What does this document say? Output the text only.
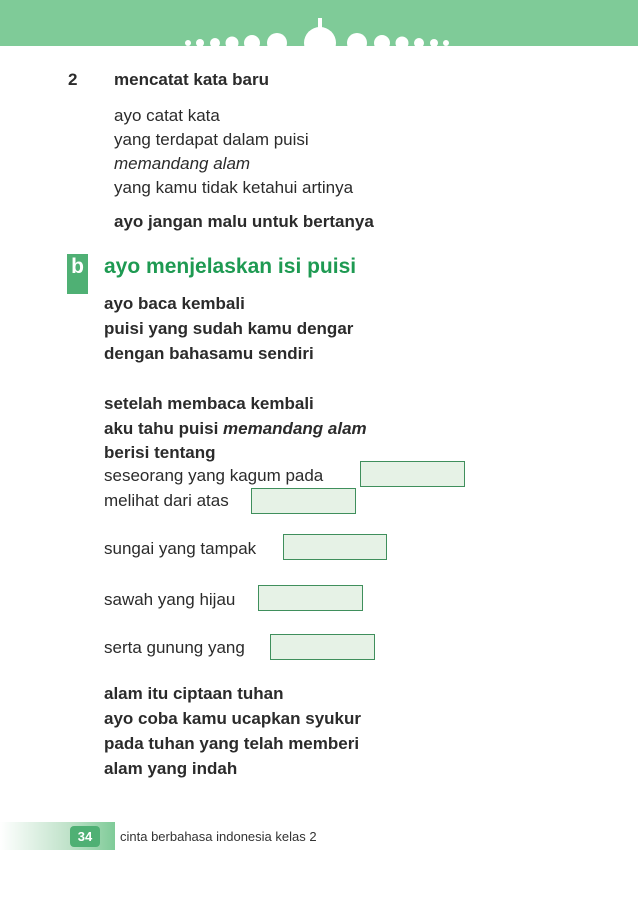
2 mencatat kata baru
ayo catat kata
yang terdapat dalam puisi
memandang alam
yang kamu tidak ketahui artinya
ayo jangan malu untuk bertanya
b ayo menjelaskan isi puisi
ayo baca kembali
puisi yang sudah kamu dengar
dengan bahasamu sendiri
setelah membaca kembali
aku tahu puisi memandang alam
berisi tentang
seseorang yang kagum pada
melihat dari atas
sungai yang tampak
sawah yang hijau
serta gunung yang
alam itu ciptaan tuhan
ayo coba kamu ucapkan syukur
pada tuhan yang telah memberi
alam yang indah
34	cinta berbahasa indonesia kelas 2
